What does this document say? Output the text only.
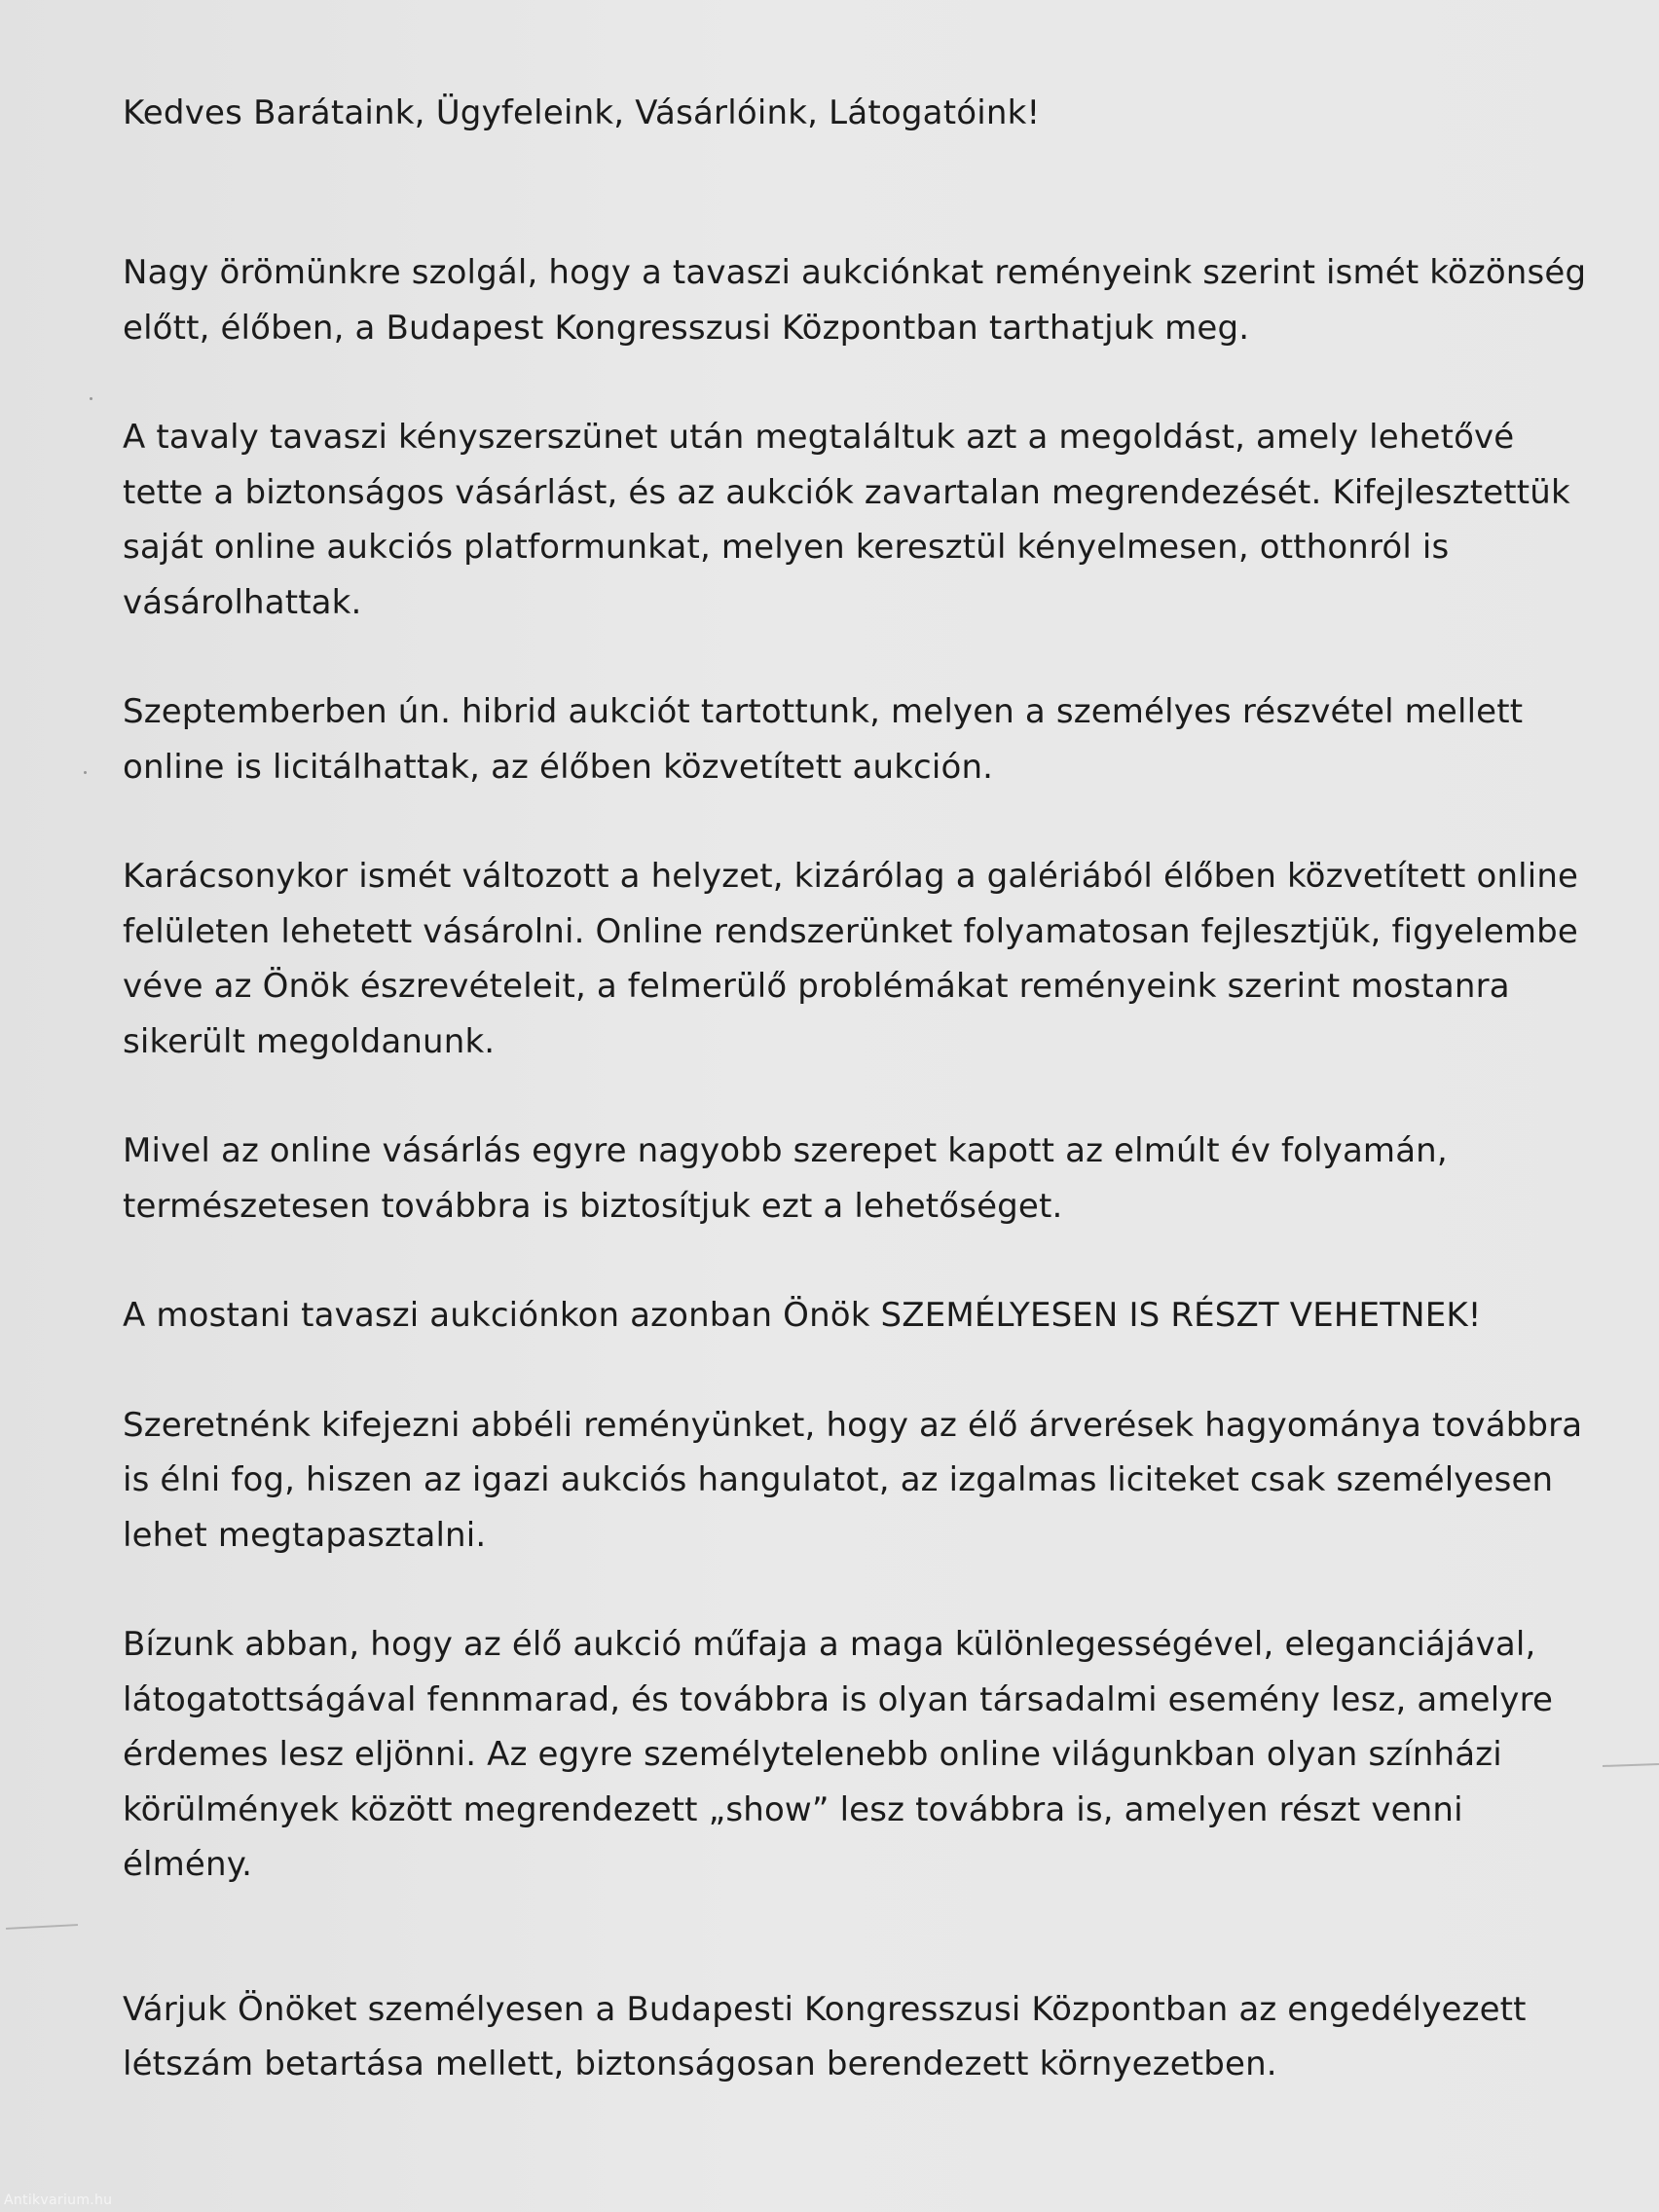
Kedves Barátaink, Ügyfeleink, Vásárlóink, Látogatóink!
Nagy örömünkre szolgál, hogy a tavaszi aukciónkat reményeink szerint ismét közönség
előtt, élőben, a Budapest Kongresszusi Központban tarthatjuk meg.
A tavaly tavaszi kényszerszünet után megtaláltuk azt a megoldást, amely lehetővé
tette a biztonságos vásárlást, és az aukciók zavartalan megrendezését. Kifejlesztettük
saját online aukciós platformunkat, melyen keresztül kényelmesen, otthonról is
vásárolhattak.
Szeptemberben ún. hibrid aukciót tartottunk, melyen a személyes részvétel mellett
online is licitálhattak, az élőben közvetített aukción.
Karácsonykor ismét változott a helyzet, kizárólag a galériából élőben közvetített online
felületen lehetett vásárolni. Online rendszerünket folyamatosan fejlesztjük, figyelembe
véve az Önök észrevételeit, a felmerülő problémákat reményeink szerint mostanra
sikerült megoldanunk.
Mivel az online vásárlás egyre nagyobb szerepet kapott az elmúlt év folyamán,
természetesen továbbra is biztosítjuk ezt a lehetőséget.
A mostani tavaszi aukciónkon azonban Önök SZEMÉLYESEN IS RÉSZT VEHETNEK!
Szeretnénk kifejezni abbéli reményünket, hogy az élő árverések hagyománya továbbra
is élni fog, hiszen az igazi aukciós hangulatot, az izgalmas liciteket csak személyesen
lehet megtapasztalni.
Bízunk abban, hogy az élő aukció műfaja a maga különlegességével, eleganciájával,
látogatottságával fennmarad, és továbbra is olyan társadalmi esemény lesz, amelyre
érdemes lesz eljönni. Az egyre személytelenebb online világunkban olyan színházi
körülmények között megrendezett „show” lesz továbbra is, amelyen részt venni
élmény.
Várjuk Önöket személyesen a Budapesti Kongresszusi Központban az engedélyezett
létszám betartása mellett, biztonságosan berendezett környezetben.
Antikvarium.hu
